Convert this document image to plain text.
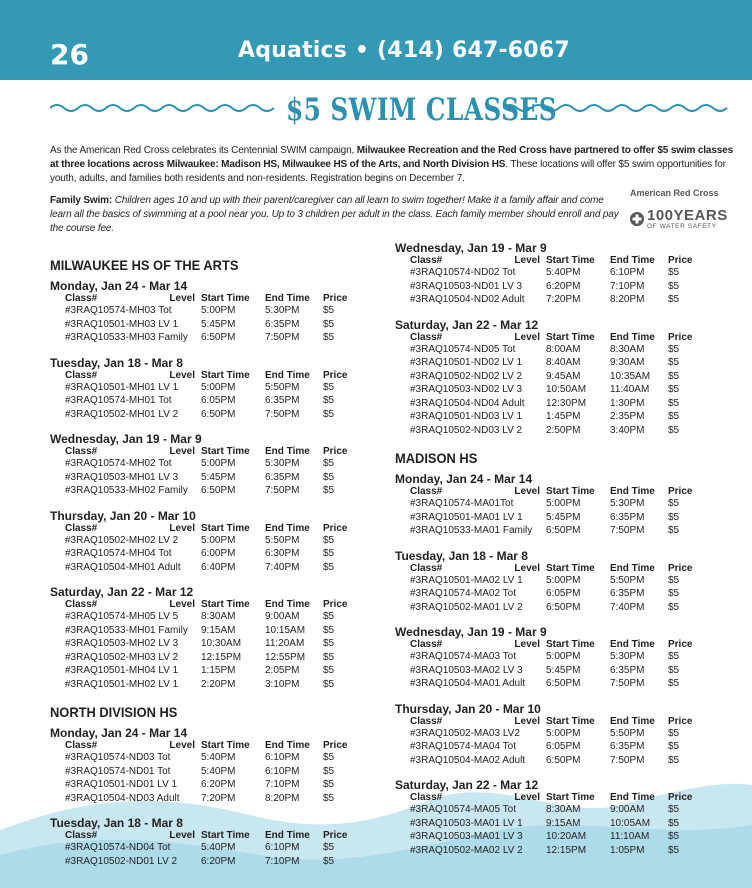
26	Aquatics • (414) 647-6067
$5 SWIM CLASSES
As the American Red Cross celebrates its Centennial SWIM campaign, Milwaukee Recreation and the Red Cross have partnered to offer $5 swim classes
at three locations across Milwaukee: Madison HS, Milwaukee HS of the Arts, and North Division HS. These locations will offer $5 swim opportunities for
youth, adults, and families both residents and non-residents. Registration begins on December 7.
Family Swim: Children ages 10 and up with their parent/caregiver can all learn to swim together! Make it a family affair and come learn all the basics of swimming at a pool near you. Up to 3 children per adult in the class. Each family member should enroll and pay the course fee.
American Red Cross
100YEARS
OF WATER SAFETY
MILWAUKEE HS OF THE ARTS
Monday, Jan 24 - Mar 14
Class#	Level Start Time	End Time	Price
#3RAQ10574-MH03 Tot	5:00PM	5:30PM	$5
#3RAQ10501-MH03 LV 1	5:45PM	6:35PM	$5
#3RAQ10533-MH03 Family	6:50PM	7:50PM	$5
Tuesday, Jan 18 - Mar 8
Class#	Level Start Time	End Time	Price
#3RAQ10501-MH01 LV 1	5:00PM	5:50PM	$5
#3RAQ10574-MH01 Tot	6:05PM	6:35PM	$5
#3RAQ10502-MH01 LV 2	6:50PM	7:50PM	$5
Wednesday, Jan 19 - Mar 9
Class#	Level Start Time	End Time	Price
#3RAQ10574-MH02 Tot	5:00PM	5:30PM	$5
#3RAQ10503-MH01 LV 3	5:45PM	6:35PM	$5
#3RAQ10533-MH02 Family	6:50PM	7:50PM	$5
Thursday, Jan 20 - Mar 10
Class#	Level Start Time	End Time	Price
#3RAQ10502-MH02 LV 2	5:00PM	5:50PM	$5
#3RAQ10574-MH04 Tot	6:00PM	6:30PM	$5
#3RAQ10504-MH01 Adult	6:40PM	7:40PM	$5
Saturday, Jan 22 - Mar 12
Class#	Level Start Time	End Time	Price
#3RAQ10574-MH05 LV 5	8:30AM	9:00AM	$5
#3RAQ10533-MH01 Family	9:15AM	10:15AM	$5
#3RAQ10503-MH02 LV 3	10:30AM	11:20AM	$5
#3RAQ10502-MH03 LV 2	12:15PM	12:55PM	$5
#3RAQ10501-MH04 LV 1	1:15PM	2:05PM	$5
#3RAQ10501-MH02 LV 1	2:20PM	3:10PM	$5
NORTH DIVISION HS
Monday, Jan 24 - Mar 14
Class#	Level Start Time	End Time	Price
#3RAQ10574-ND03 Tot	5:40PM	6:10PM	$5
#3RAQ10574-ND01 Tot	5:40PM	6:10PM	$5
#3RAQ10501-ND01 LV 1	6:20PM	7:10PM	$5
#3RAQ10504-ND03 Adult	7:20PM	8:20PM	$5
Tuesday, Jan 18 - Mar 8
Class#	Level Start Time	End Time	Price
#3RAQ10574-ND04 Tot	5:40PM	6:10PM	$5
#3RAQ10502-ND01 LV 2	6:20PM	7:10PM	$5
Wednesday, Jan 19 - Mar 9
Class#	Level Start Time	End Time	Price
#3RAQ10574-ND02 Tot	5:40PM	6:10PM	$5
#3RAQ10503-ND01 LV 3	6:20PM	7:10PM	$5
#3RAQ10504-ND02 Adult	7:20PM	8:20PM	$5
Saturday, Jan 22 - Mar 12
Class#	Level Start Time	End Time	Price
#3RAQ10574-ND05 Tot	8:00AM	8:30AM	$5
#3RAQ10501-ND02 LV 1	8:40AM	9:30AM	$5
#3RAQ10502-ND02 LV 2	9:45AM	10:35AM	$5
#3RAQ10503-ND02 LV 3	10:50AM	11:40AM	$5
#3RAQ10504-ND04 Adult	12:30PM	1:30PM	$5
#3RAQ10501-ND03 LV 1	1:45PM	2:35PM	$5
#3RAQ10502-ND03 LV 2	2:50PM	3:40PM	$5
MADISON HS
Monday, Jan 24 - Mar 14
Class#	Level Start Time	End Time	Price
#3RAQ10574-MA01Tot	5:00PM	5:30PM	$5
#3RAQ10501-MA01 LV 1	5:45PM	6:35PM	$5
#3RAQ10533-MA01 Family	6:50PM	7:50PM	$5
Tuesday, Jan 18 - Mar 8
Class#	Level Start Time	End Time	Price
#3RAQ10501-MA02 LV 1	5:00PM	5:50PM	$5
#3RAQ10574-MA02 Tot	6:05PM	6:35PM	$5
#3RAQ10502-MA01 LV 2	6:50PM	7:40PM	$5
Wednesday, Jan 19 - Mar 9
Class#	Level Start Time	End Time	Price
#3RAQ10574-MA03 Tot	5:00PM	5:30PM	$5
#3RAQ10503-MA02 LV 3	5:45PM	6:35PM	$5
#3RAQ10504-MA01 Adult	6:50PM	7:50PM	$5
Thursday, Jan 20 - Mar 10
Class#	Level Start Time	End Time	Price
#3RAQ10502-MA03 LV2	5:00PM	5:50PM	$5
#3RAQ10574-MA04 Tot	6:05PM	6:35PM	$5
#3RAQ10504-MA02 Adult	6:50PM	7:50PM	$5
Saturday, Jan 22 - Mar 12
Class#	Level Start Time	End Time	Price
#3RAQ10574-MA05 Tot	8:30AM	9:00AM	$5
#3RAQ10503-MA01 LV 1	9:15AM	10:05AM	$5
#3RAQ10503-MA01 LV 3	10:20AM	11:10AM	$5
#3RAQ10502-MA02 LV 2	12:15PM	1:05PM	$5
